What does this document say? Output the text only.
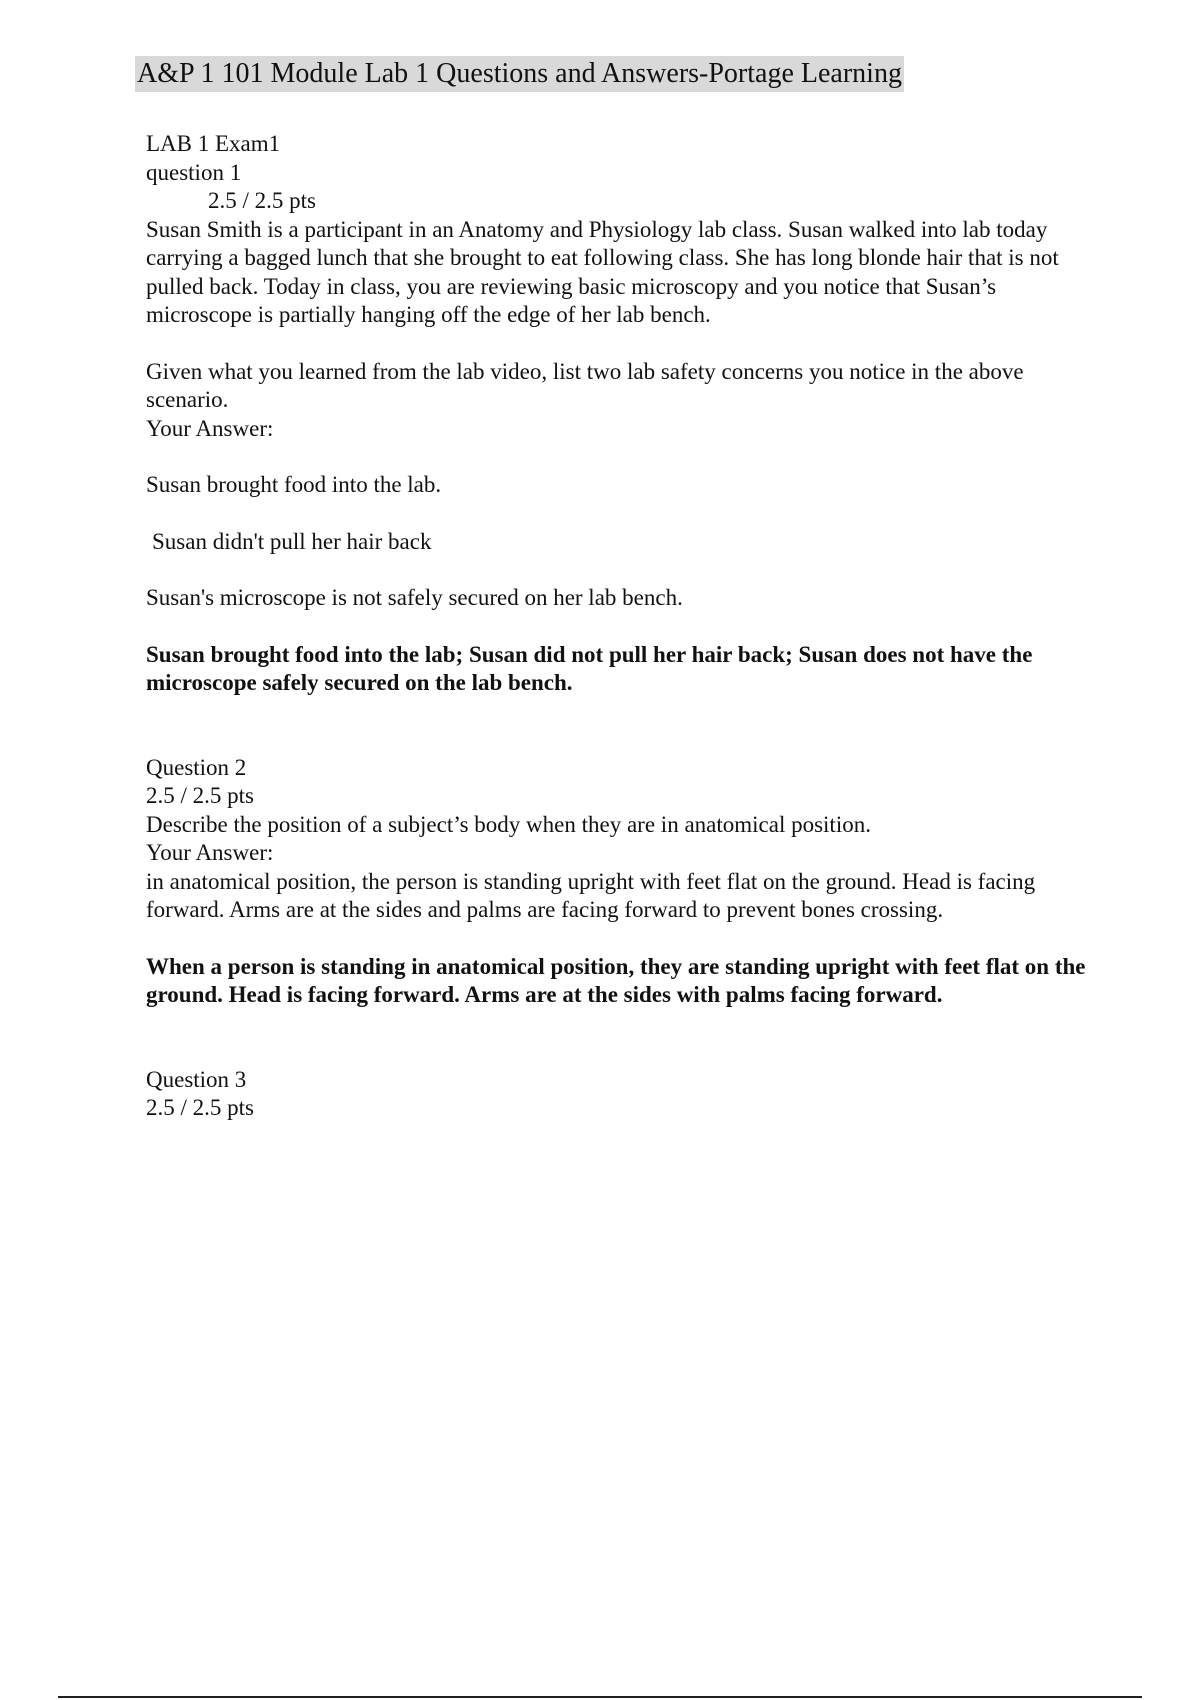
A&P 1 101 Module Lab 1 Questions and Answers-Portage Learning

LAB 1 Exam1

question 1

2.5 / 2.5 pts

Susan Smith is a participant in an Anatomy and Physiology lab class. Susan walked into lab today carrying a bagged lunch that she brought to eat following class. She has long blonde hair that is not pulled back. Today in class, you are reviewing basic microscopy and you notice that Susan’s microscope is partially hanging off the edge of her lab bench.

Given what you learned from the lab video, list two lab safety concerns you notice in the above scenario.

Your Answer:

Susan brought food into the lab.

Susan didn't pull her hair back

Susan's microscope is not safely secured on her lab bench.

Susan brought food into the lab; Susan did not pull her hair back; Susan does not have the microscope safely secured on the lab bench.

Question 2

2.5 / 2.5 pts

Describe the position of a subject’s body when they are in anatomical position.

Your Answer:

in anatomical position, the person is standing upright with feet flat on the ground. Head is facing forward. Arms are at the sides and palms are facing forward to prevent bones crossing.

When a person is standing in anatomical position, they are standing upright with feet flat on the ground. Head is facing forward. Arms are at the sides with palms facing forward.

Question 3

2.5 / 2.5 pts
